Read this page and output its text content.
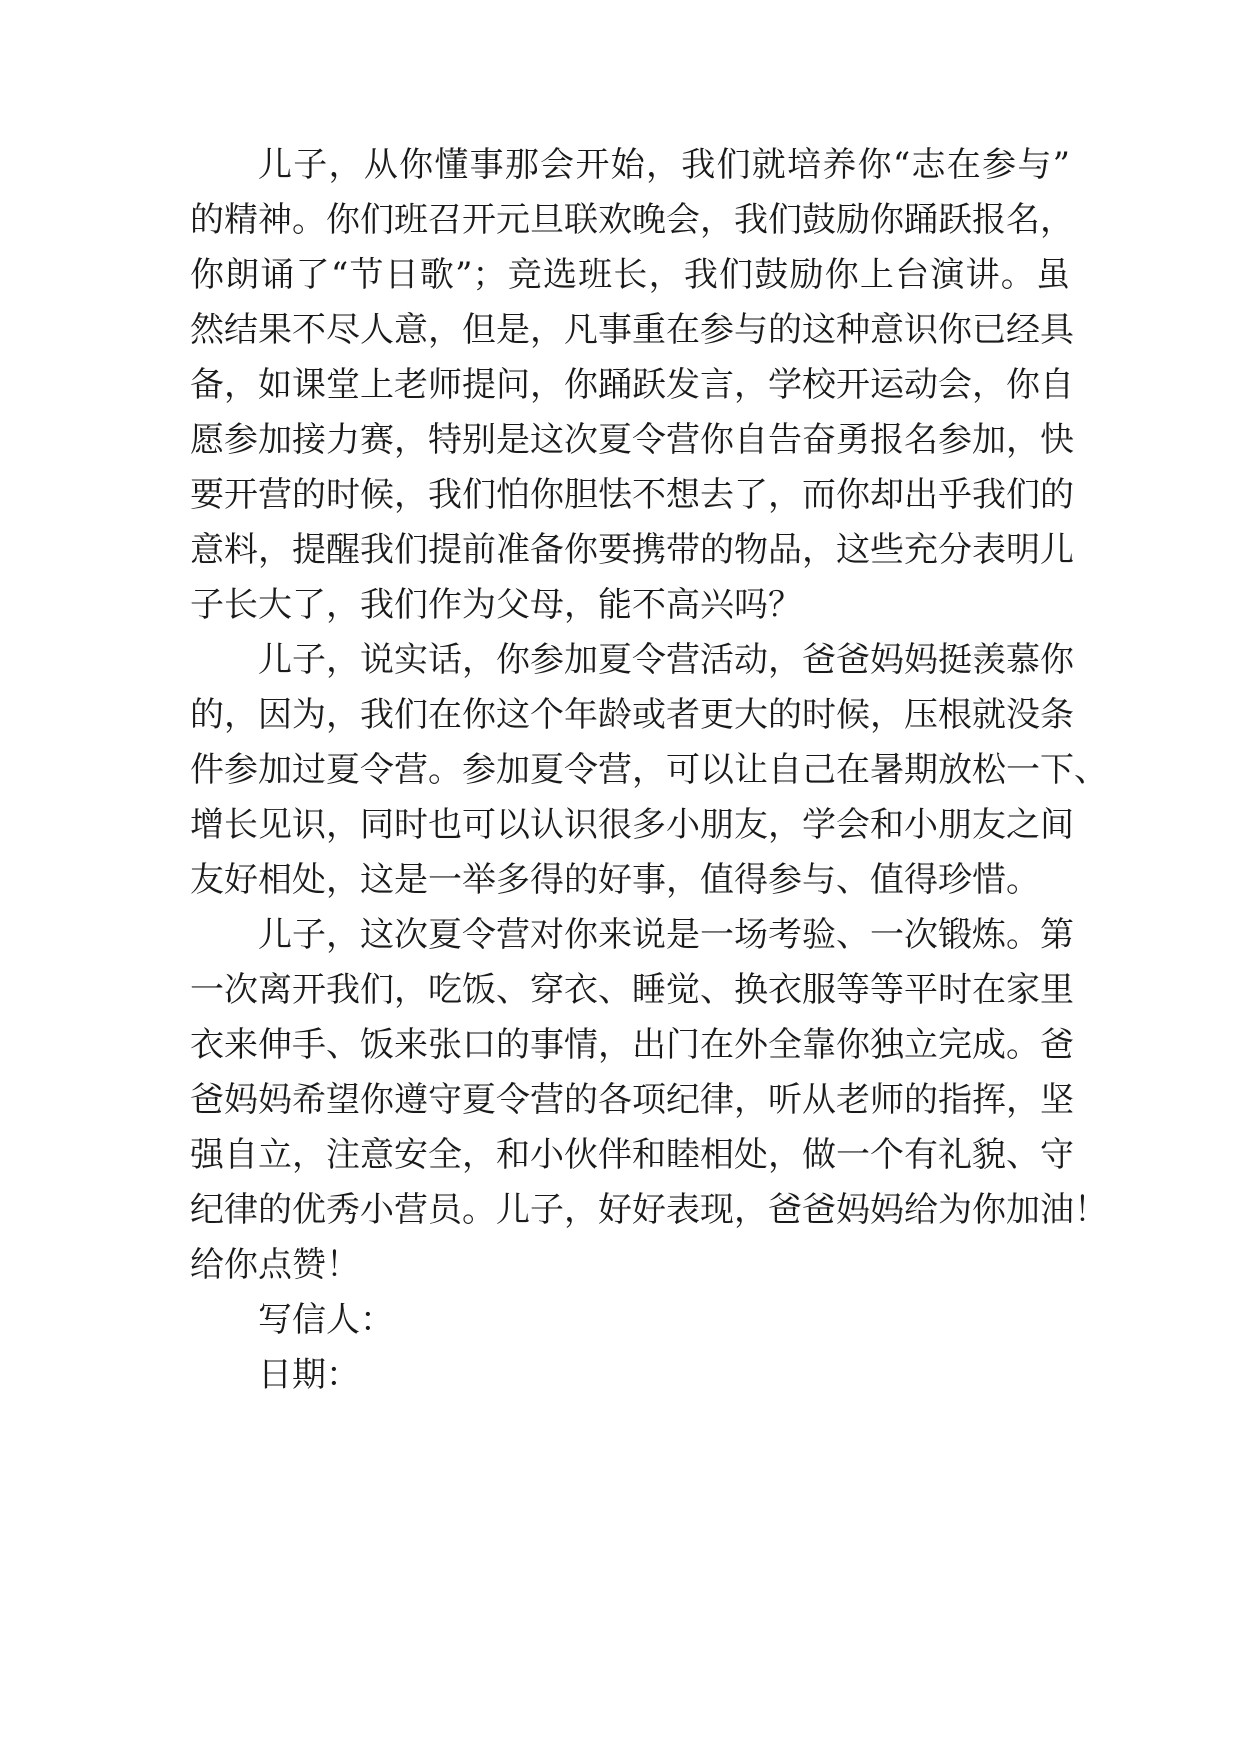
儿子，从你懂事那会开始，我们就培养你“志在参与”
的精神。你们班召开元旦联欢晚会，我们鼓励你踊跃报名，
你朗诵了“节日歌”；竞选班长，我们鼓励你上台演讲。虽
然结果不尽人意，但是，凡事重在参与的这种意识你已经具
备，如课堂上老师提问，你踊跃发言，学校开运动会，你自
愿参加接力赛，特别是这次夏令营你自告奋勇报名参加，快
要开营的时候，我们怕你胆怯不想去了，而你却出乎我们的
意料，提醒我们提前准备你要携带的物品，这些充分表明儿
子长大了，我们作为父母，能不高兴吗？
儿子，说实话，你参加夏令营活动，爸爸妈妈挺羡慕你
的，因为，我们在你这个年龄或者更大的时候，压根就没条
件参加过夏令营。参加夏令营，可以让自己在暑期放松一下、
增长见识，同时也可以认识很多小朋友，学会和小朋友之间
友好相处，这是一举多得的好事，值得参与、值得珍惜。
儿子，这次夏令营对你来说是一场考验、一次锻炼。第
一次离开我们，吃饭、穿衣、睡觉、换衣服等等平时在家里
衣来伸手、饭来张口的事情，出门在外全靠你独立完成。爸
爸妈妈希望你遵守夏令营的各项纪律，听从老师的指挥，坚
强自立，注意安全，和小伙伴和睦相处，做一个有礼貌、守
纪律的优秀小营员。儿子，好好表现，爸爸妈妈给为你加油！
给你点赞！
写信人：
日期：
